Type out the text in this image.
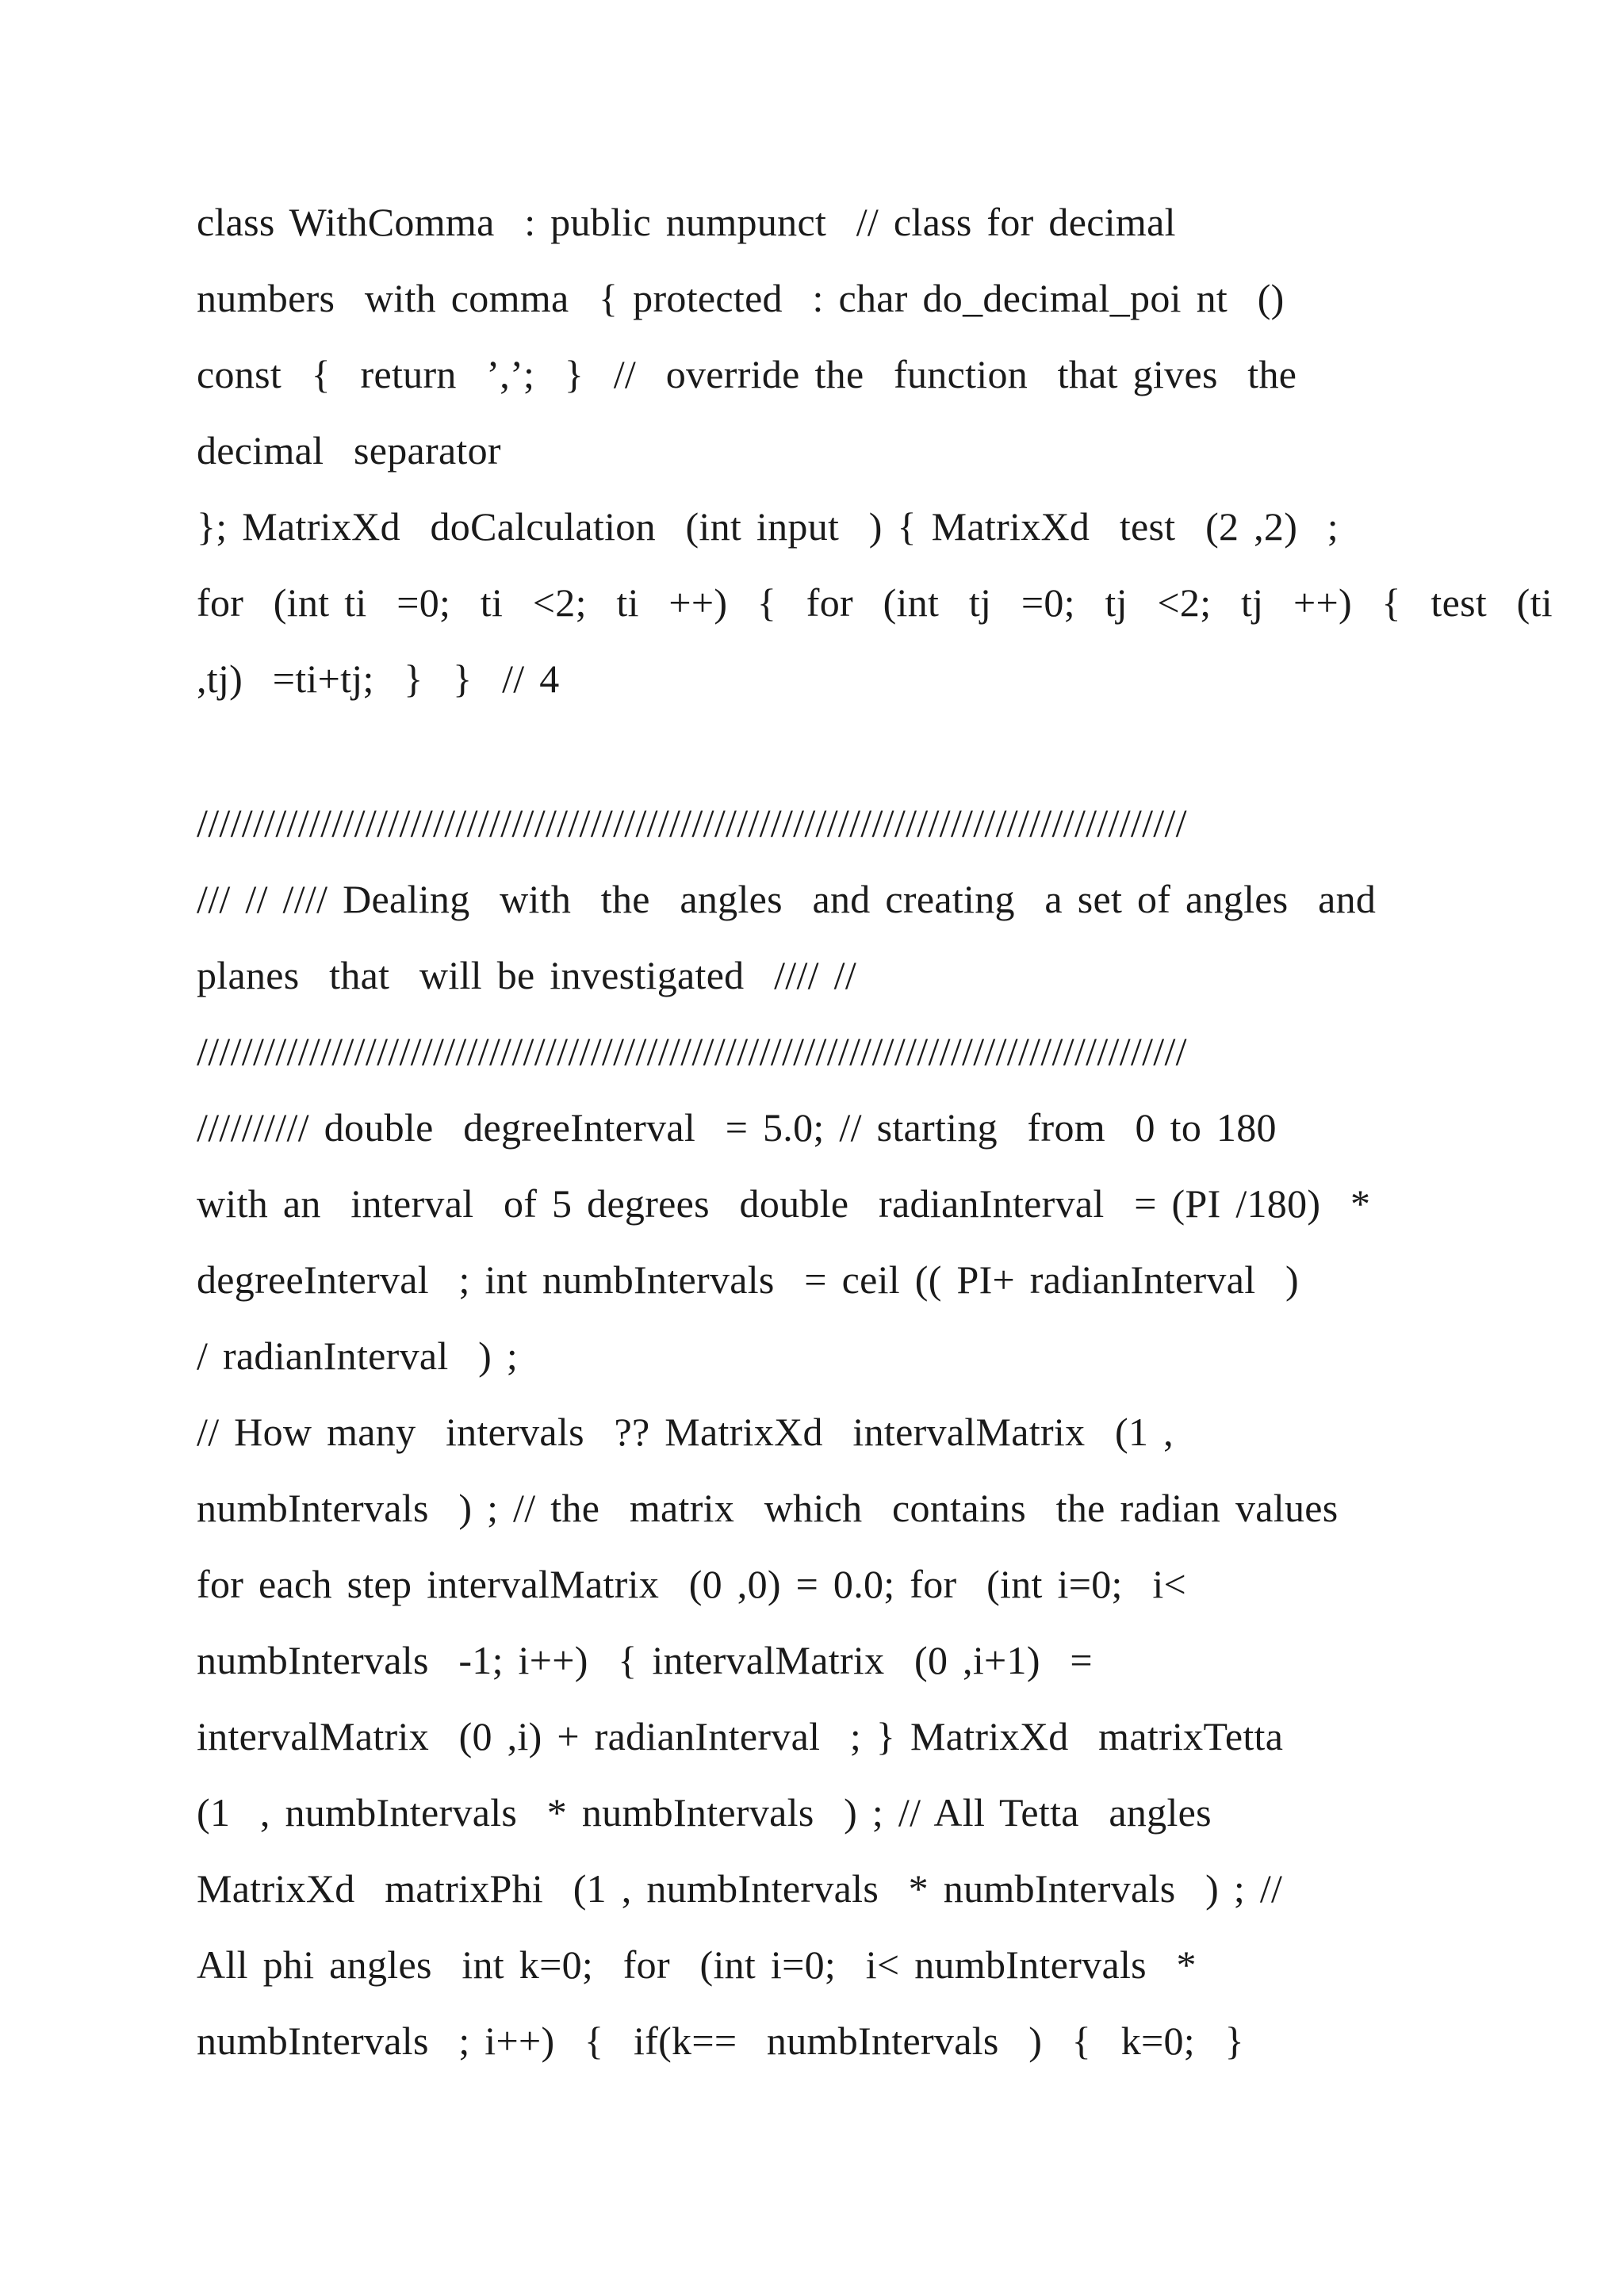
class WithComma  : public numpunct  // class for decimal
numbers  with comma  { protected  : char do_decimal_poi nt  ()
const  {  return  ’,’;  }  //  override the  function  that gives  the
decimal  separator
}; MatrixXd  doCalculation  (int input  ) { MatrixXd  test  (2 ,2)  ;
for  (int ti  =0;  ti  <2;  ti  ++)  {  for  (int  tj  =0;  tj  <2;  tj  ++)  {  test  (ti
,tj)  =ti+tj;  }  }  // 4
////////////////////////////////////////////////////////////////////////////////////////
/// // //// Dealing  with  the  angles  and creating  a set of angles  and
planes  that  will be investigated  //// //
////////////////////////////////////////////////////////////////////////////////////////
////////// double  degreeInterval  = 5.0; // starting  from  0 to 180
with an  interval  of 5 degrees  double  radianInterval  = (PI /180)  *
degreeInterval  ; int numbIntervals  = ceil (( PI+ radianInterval  )
/ radianInterval  ) ;
// How many  intervals  ?? MatrixXd  intervalMatrix  (1 ,
numbIntervals  ) ; // the  matrix  which  contains  the radian values
for each step intervalMatrix  (0 ,0) = 0.0; for  (int i=0;  i<
numbIntervals  -1; i++)  { intervalMatrix  (0 ,i+1)  =
intervalMatrix  (0 ,i) + radianInterval  ; } MatrixXd  matrixTetta
(1  , numbIntervals  * numbIntervals  ) ; // All Tetta  angles
MatrixXd  matrixPhi  (1 , numbIntervals  * numbIntervals  ) ; //
All phi angles  int k=0;  for  (int i=0;  i< numbIntervals  *
numbIntervals  ; i++)  {  if(k==  numbIntervals  )  {  k=0;  }
